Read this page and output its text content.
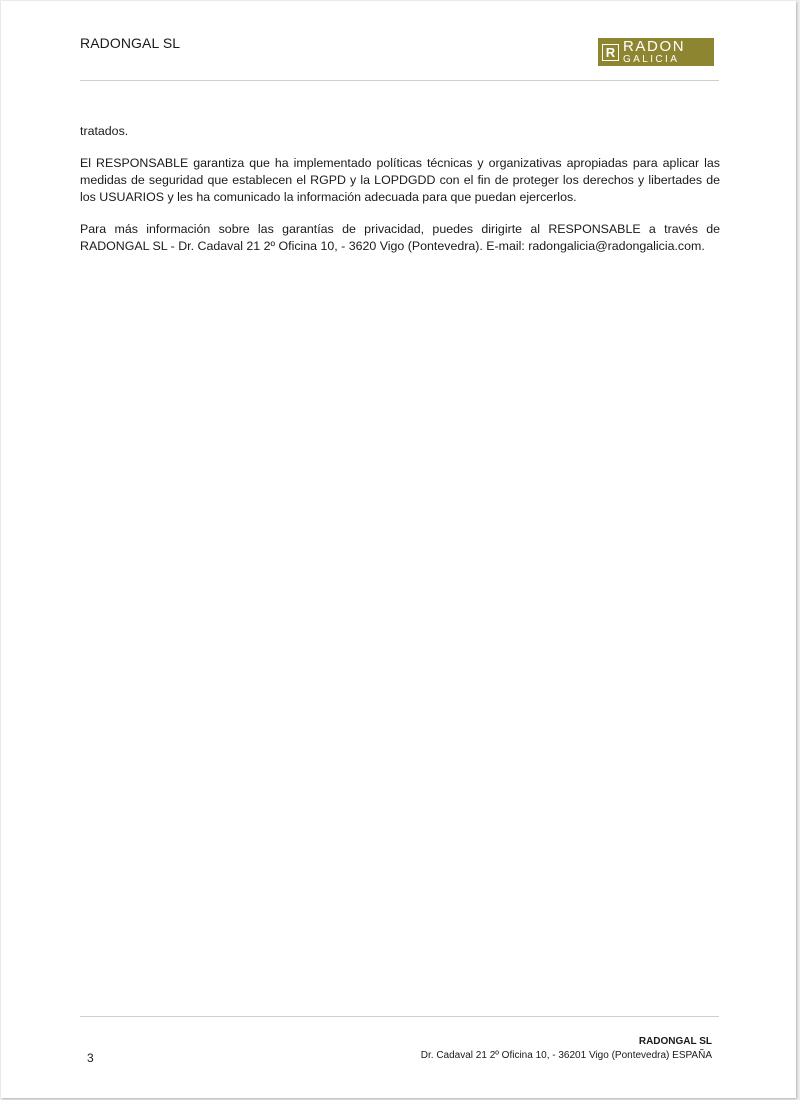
RADONGAL SL
R RADON
GALICIA

tratados.

El RESPONSABLE garantiza que ha implementado políticas técnicas y organizativas apropiadas para aplicar las medidas de seguridad que establecen el RGPD y la LOPDGDD con el fin de proteger los derechos y libertades de los USUARIOS y les ha comunicado la información adecuada para que puedan ejercerlos.

Para más información sobre las garantías de privacidad, puedes dirigirte al RESPONSABLE a través de RADONGAL SL - Dr. Cadaval 21 2º Oficina 10, - 3620 Vigo (Pontevedra). E-mail: radongalicia@radongalicia.com.

3
RADONGAL SL
Dr. Cadaval 21 2º Oficina 10, - 36201 Vigo (Pontevedra) ESPAÑA
